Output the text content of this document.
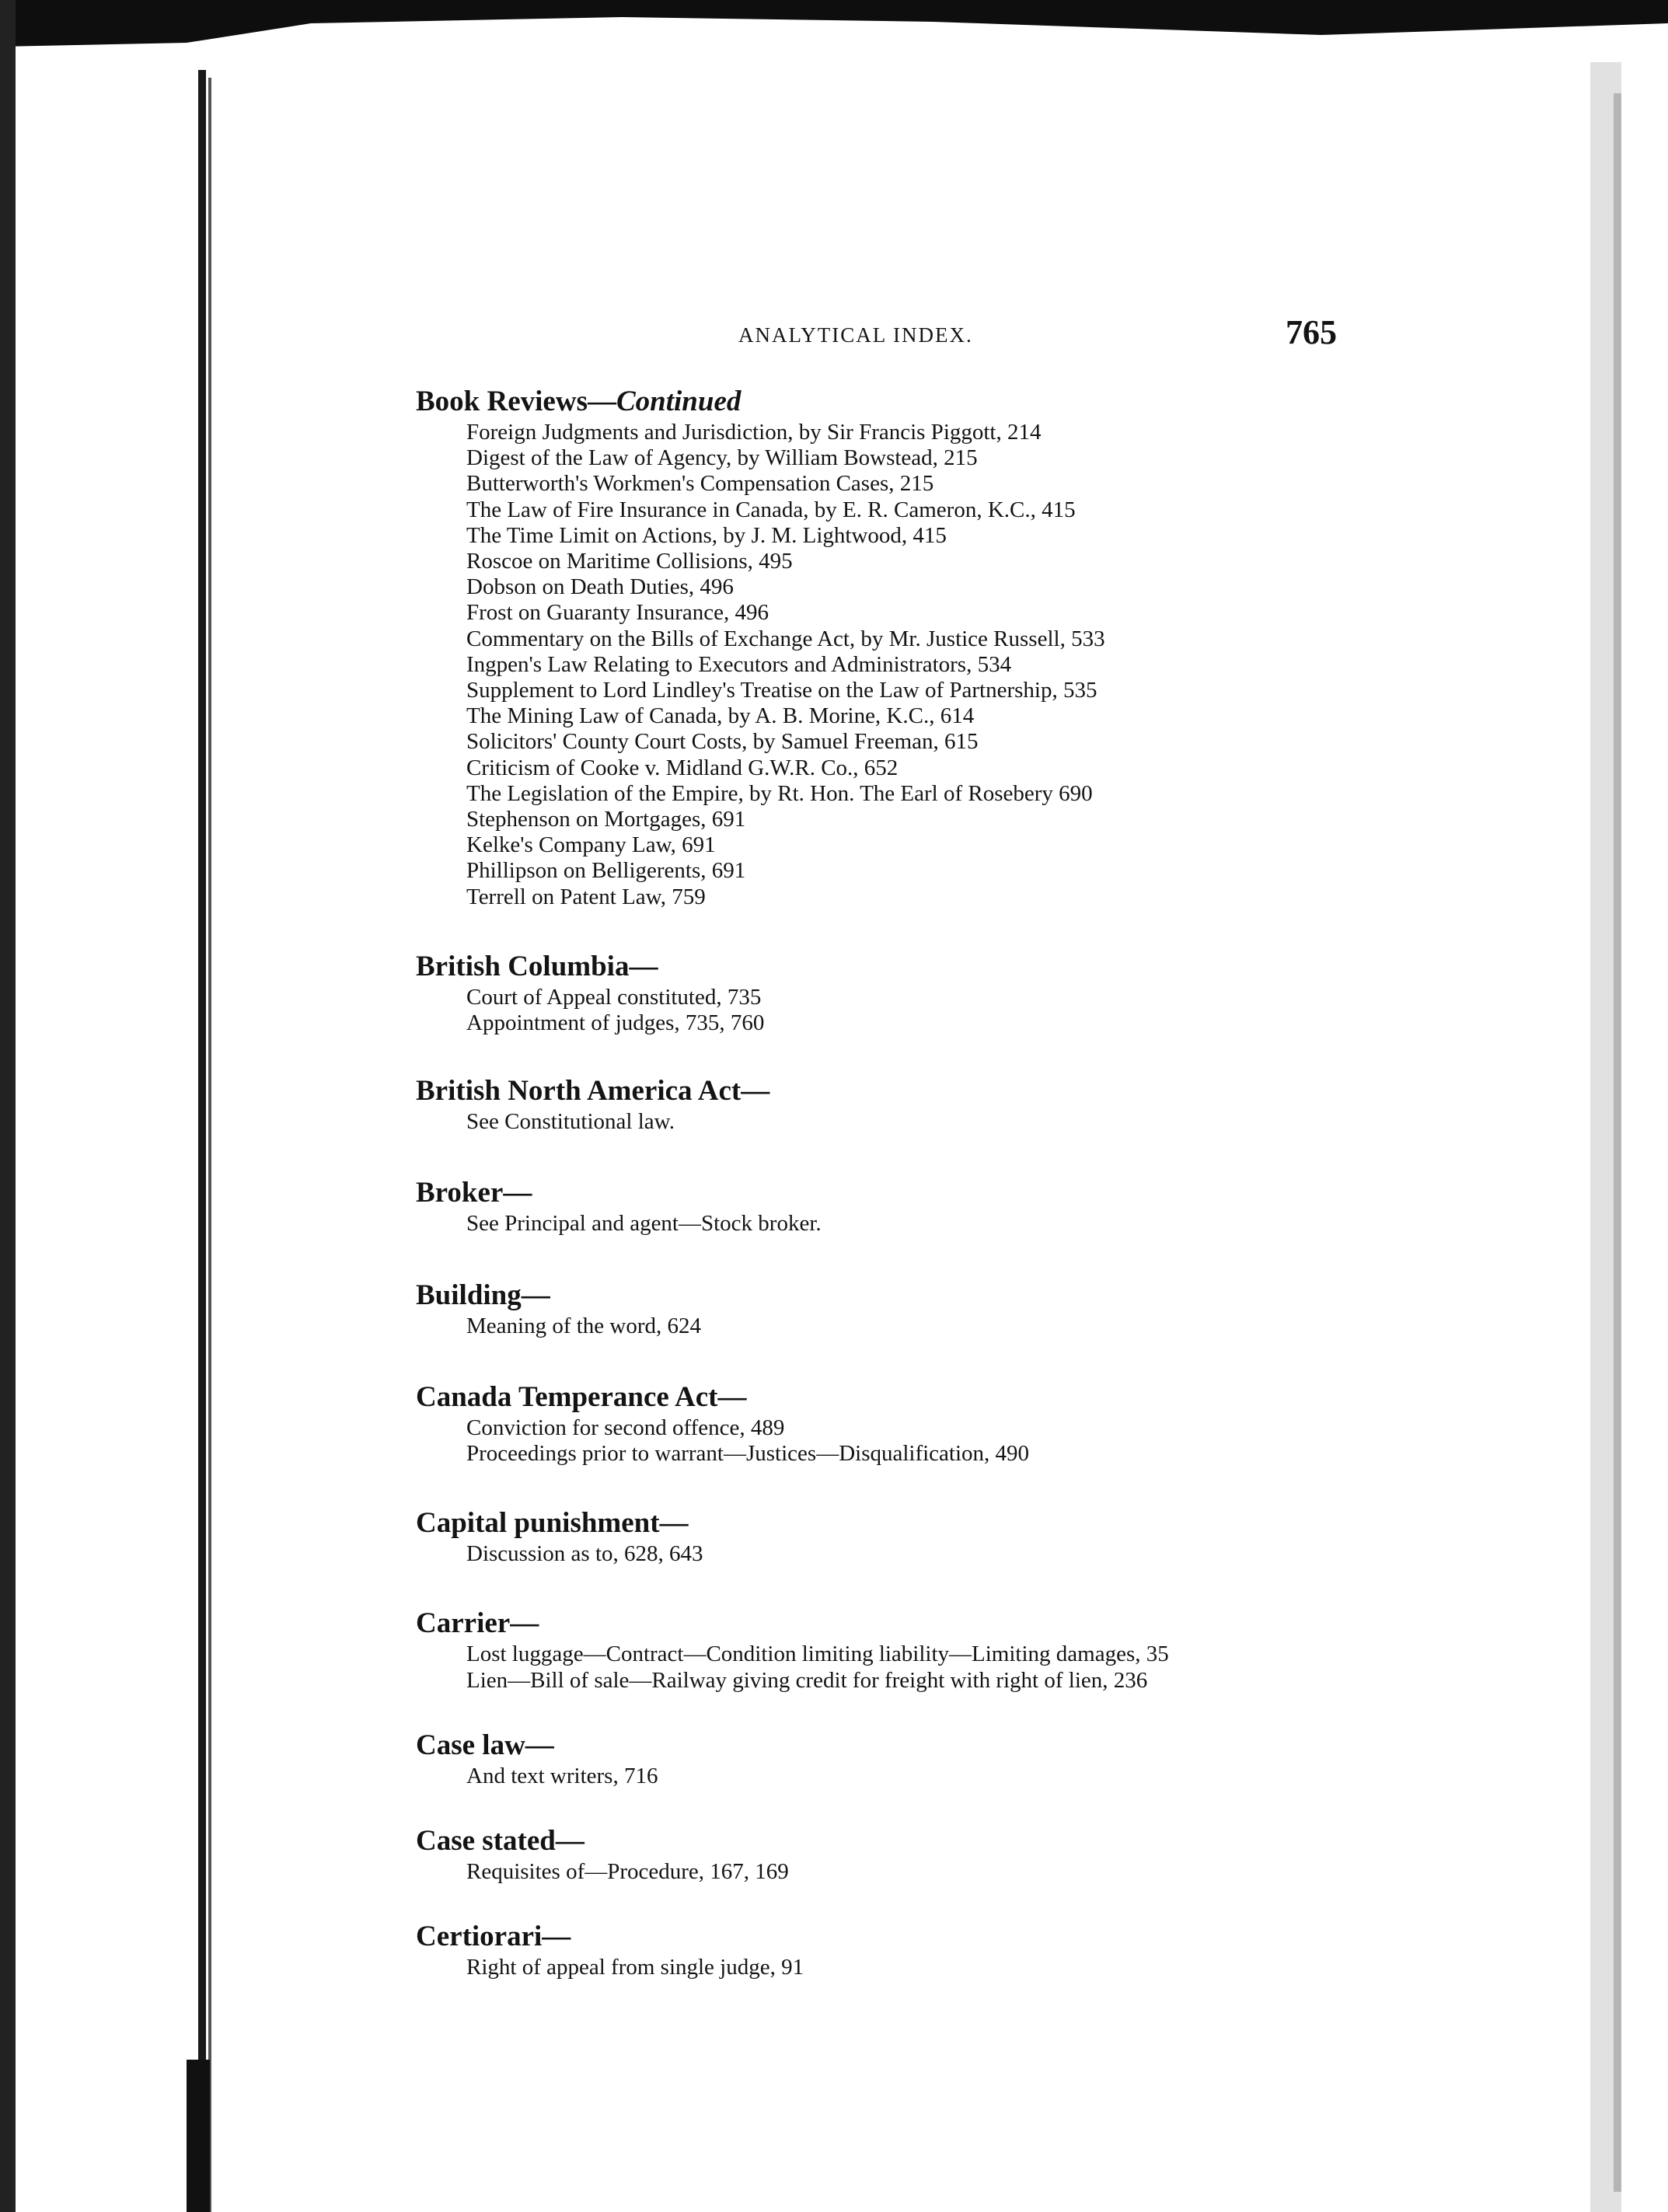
ANALYTICAL INDEX.	765
Book Reviews—Continued
Foreign Judgments and Jurisdiction, by Sir Francis Piggott, 214
Digest of the Law of Agency, by William Bowstead, 215
Butterworth's Workmen's Compensation Cases, 215
The Law of Fire Insurance in Canada, by E. R. Cameron, K.C., 415
The Time Limit on Actions, by J. M. Lightwood, 415
Roscoe on Maritime Collisions, 495
Dobson on Death Duties, 496
Frost on Guaranty Insurance, 496
Commentary on the Bills of Exchange Act, by Mr. Justice Russell, 533
Ingpen's Law Relating to Executors and Administrators, 534
Supplement to Lord Lindley's Treatise on the Law of Partnership, 535
The Mining Law of Canada, by A. B. Morine, K.C., 614
Solicitors' County Court Costs, by Samuel Freeman, 615
Criticism of Cooke v. Midland G.W.R. Co., 652
The Legislation of the Empire, by Rt. Hon. The Earl of Rosebery 690
Stephenson on Mortgages, 691
Kelke's Company Law, 691
Phillipson on Belligerents, 691
Terrell on Patent Law, 759
British Columbia—
Court of Appeal constituted, 735
Appointment of judges, 735, 760
British North America Act—
See Constitutional law.
Broker—
See Principal and agent—Stock broker.
Building—
Meaning of the word, 624
Canada Temperance Act—
Conviction for second offence, 489
Proceedings prior to warrant—Justices—Disqualification, 490
Capital punishment—
Discussion as to, 628, 643
Carrier—
Lost luggage—Contract—Condition limiting liability—Limiting damages, 35
Lien—Bill of sale—Railway giving credit for freight with right of lien, 236
Case law—
And text writers, 716
Case stated—
Requisites of—Procedure, 167, 169
Certiorari—
Right of appeal from single judge, 91
